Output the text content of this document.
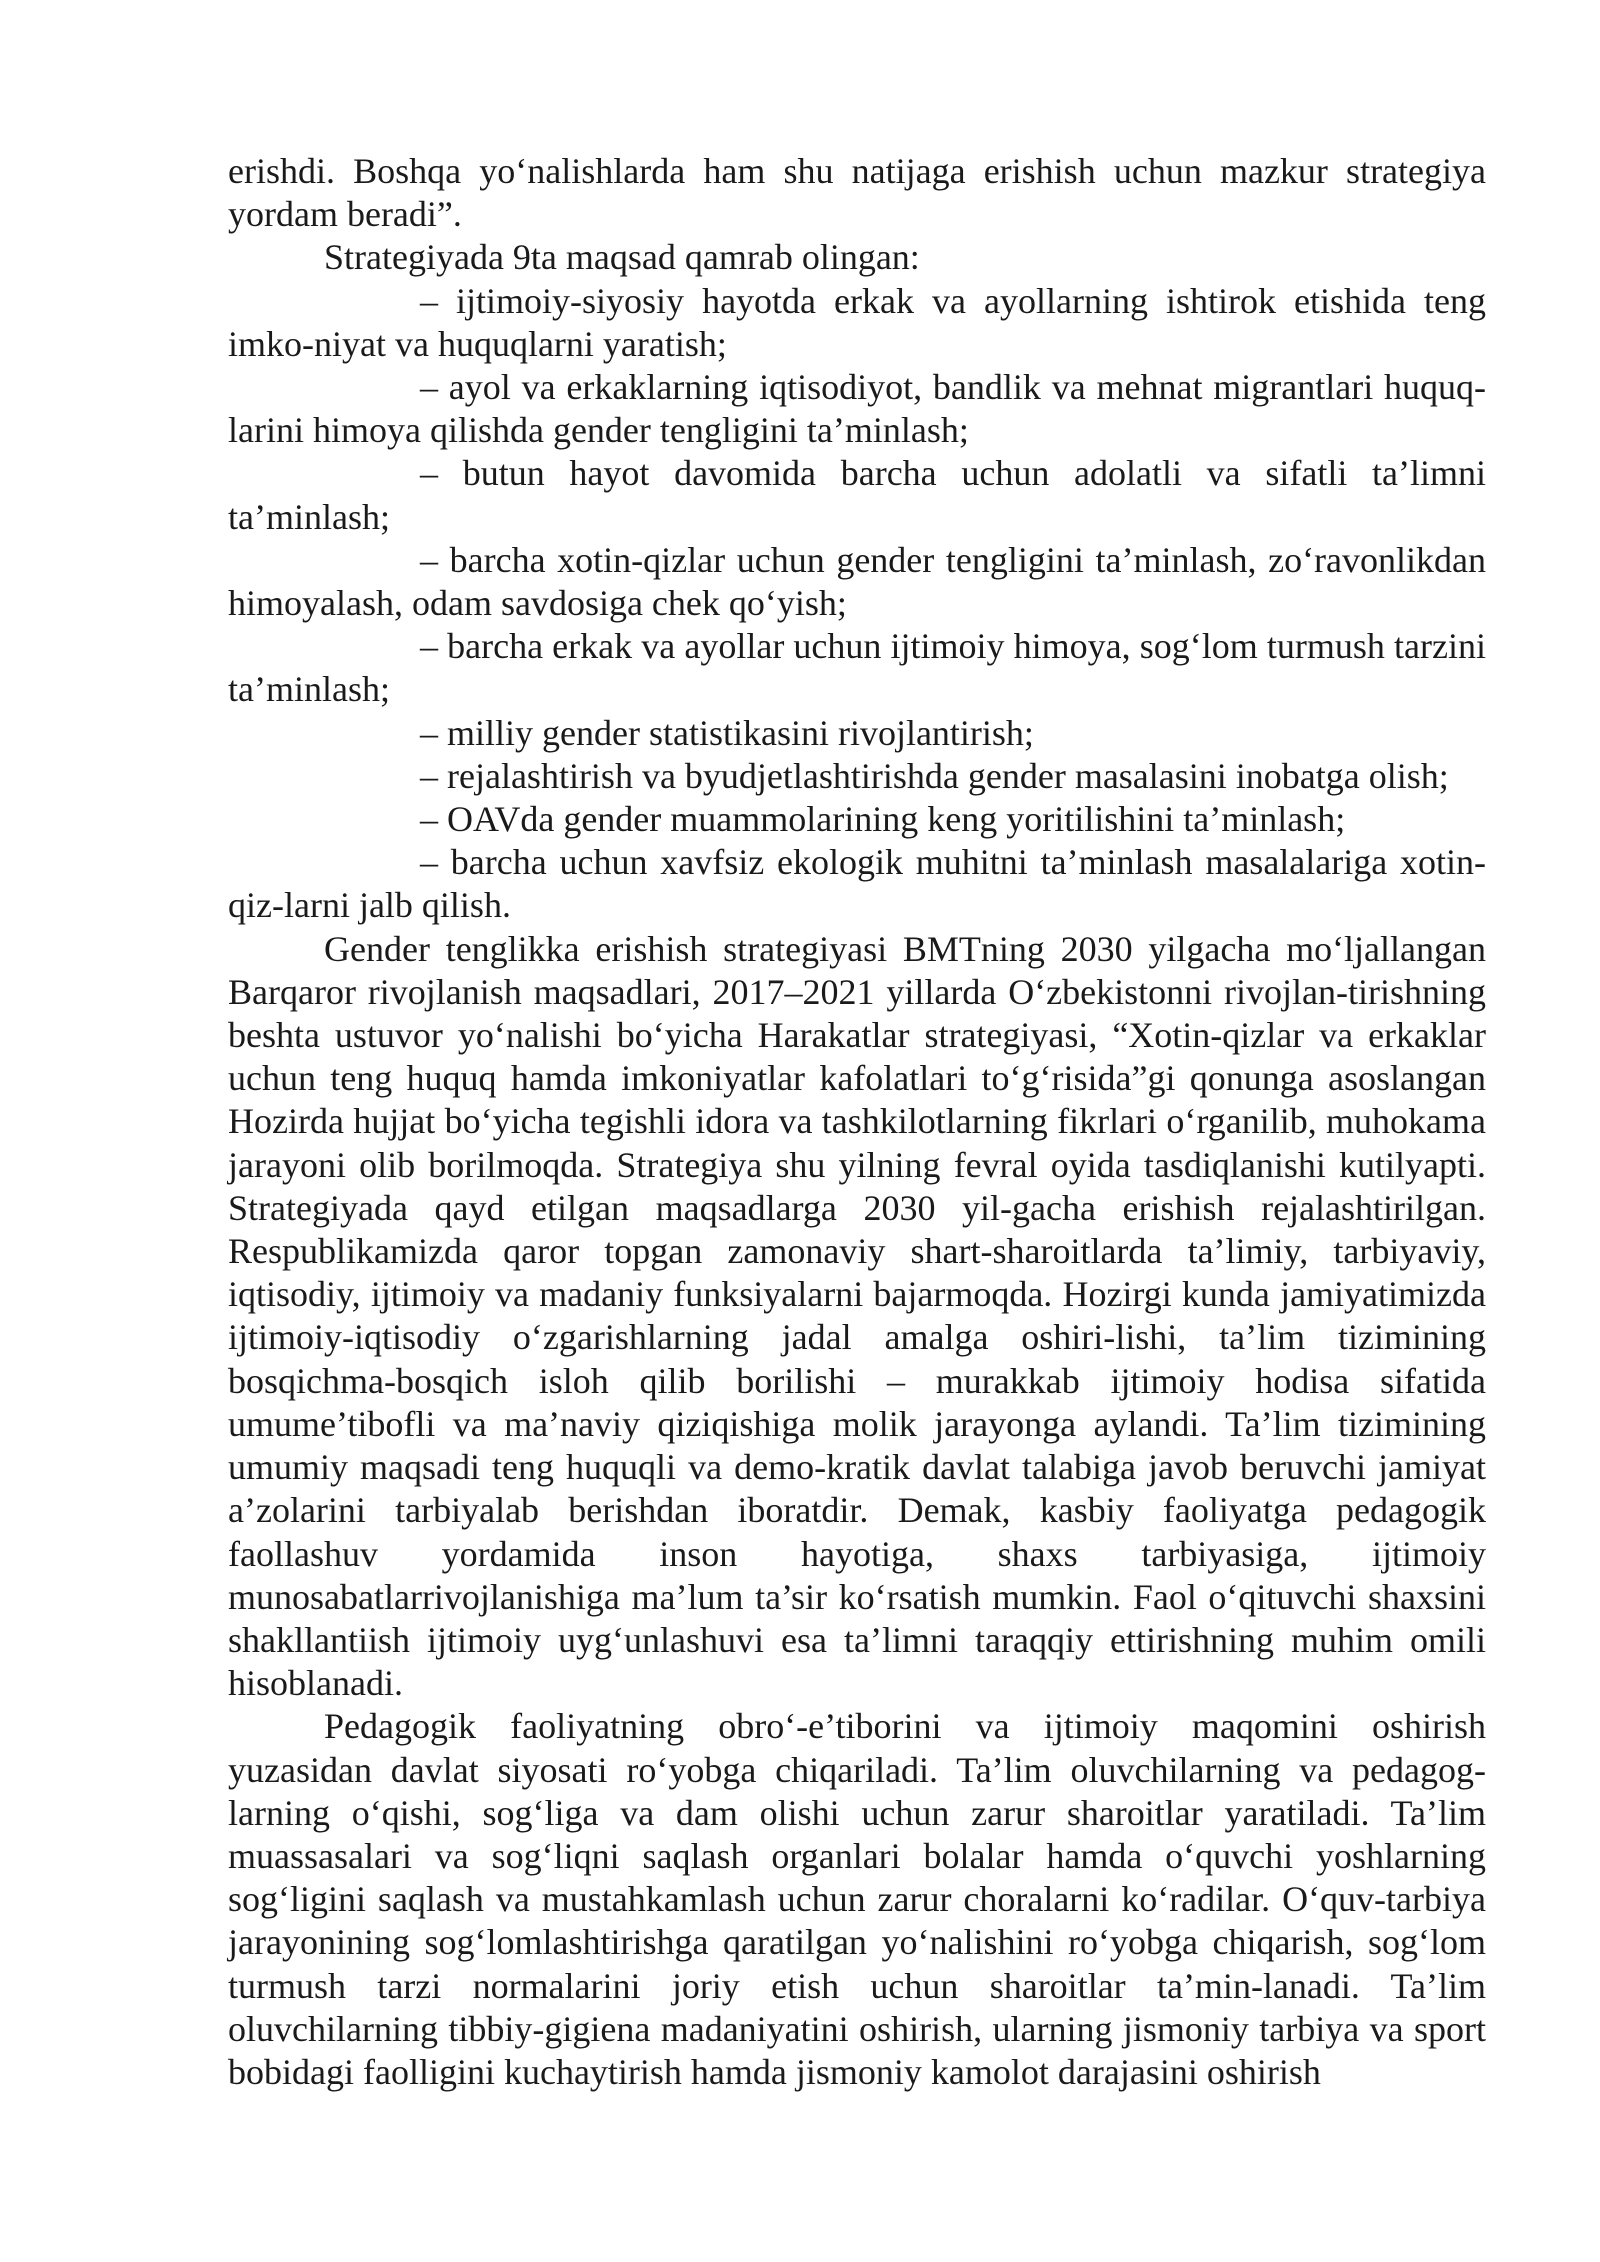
erishdi. Boshqa yo‘nalishlarda ham shu natijaga erishish uchun mazkur strategiya yordam beradi”.

Strategiyada 9ta maqsad qamrab olingan:

– ijtimoiy-siyosiy hayotda erkak va ayollarning ishtirok etishida teng imko-niyat va huquqlarni yaratish;

– ayol va erkaklarning iqtisodiyot, bandlik va mehnat migrantlari huquq-larini himoya qilishda gender tengligini ta’minlash;

– butun hayot davomida barcha uchun adolatli va sifatli ta’limni ta’minlash;

– barcha xotin-qizlar uchun gender tengligini ta’minlash, zo‘ravonlikdan himoyalash, odam savdosiga chek qo‘yish;

– barcha erkak va ayollar uchun ijtimoiy himoya, sog‘lom turmush tarzini ta’minlash;

– milliy gender statistikasini rivojlantirish;

– rejalashtirish va byudjetlashtirishda gender masalasini inobatga olish;

– OAVda gender muammolarining keng yoritilishini ta’minlash;

– barcha uchun xavfsiz ekologik muhitni ta’minlash masalalariga xotin-qiz-larni jalb qilish.

Gender tenglikka erishish strategiyasi BMTning 2030 yilgacha mo‘ljallangan Barqaror rivojlanish maqsadlari, 2017–2021 yillarda O‘zbekistonni rivojlan-tirishning beshta ustuvor yo‘nalishi bo‘yicha Harakatlar strategiyasi, “Xotin-qizlar va erkaklar uchun teng huquq hamda imkoniyatlar kafolatlari to‘g‘risida”gi qonunga asoslangan Hozirda hujjat bo‘yicha tegishli idora va tashkilotlarning fikrlari o‘rganilib, muhokama jarayoni olib borilmoqda. Strategiya shu yilning fevral oyida tasdiqlanishi kutilyapti. Strategiyada qayd etilgan maqsadlarga 2030 yil-gacha erishish rejalashtirilgan. Respublikamizda qaror topgan zamonaviy shart-sharoitlarda ta’limiy, tarbiyaviy, iqtisodiy, ijtimoiy va madaniy funksiyalarni bajarmoqda. Hozirgi kunda jamiyatimizda ijtimoiy-iqtisodiy o‘zgarishlarning jadal amalga oshiri-lishi, ta’lim tizimining bosqichma-bosqich isloh qilib borilishi – murakkab ijtimoiy hodisa sifatida umume’tibofli va ma’naviy qiziqishiga molik jarayonga aylandi. Ta’lim tizimining umumiy maqsadi teng huquqli va demo-kratik davlat talabiga javob beruvchi jamiyat a’zolarini tarbiyalab berishdan iboratdir. Demak, kasbiy faoliyatga pedagogik faollashuv yordamida inson hayotiga, shaxs tarbiyasiga, ijtimoiy munosabatlarrivojlanishiga ma’lum ta’sir ko‘rsatish mumkin. Faol o‘qituvchi shaxsini shakllantiish ijtimoiy uyg‘unlashuvi esa ta’limni taraqqiy ettirishning muhim omili hisoblanadi.

Pedagogik faoliyatning obro‘-e’tiborini va ijtimoiy maqomini oshirish yuzasidan davlat siyosati ro‘yobga chiqariladi. Ta’lim oluvchilarning va pedagog-larning o‘qishi, sog‘liga va dam olishi uchun zarur sharoitlar yaratiladi. Ta’lim muassasalari va sog‘liqni saqlash organlari bolalar hamda o‘quvchi yoshlarning sog‘ligini saqlash va mustahkamlash uchun zarur choralarni ko‘radilar. O‘quv-tarbiya jarayonining sog‘lomlashtirishga qaratilgan yo‘nalishini ro‘yobga chiqarish, sog‘lom turmush tarzi normalarini joriy etish uchun sharoitlar ta’min-lanadi. Ta’lim oluvchilarning tibbiy-gigiena madaniyatini oshirish, ularning jismoniy tarbiya va sport bobidagi faolligini kuchaytirish hamda jismoniy kamolot darajasini oshirish
